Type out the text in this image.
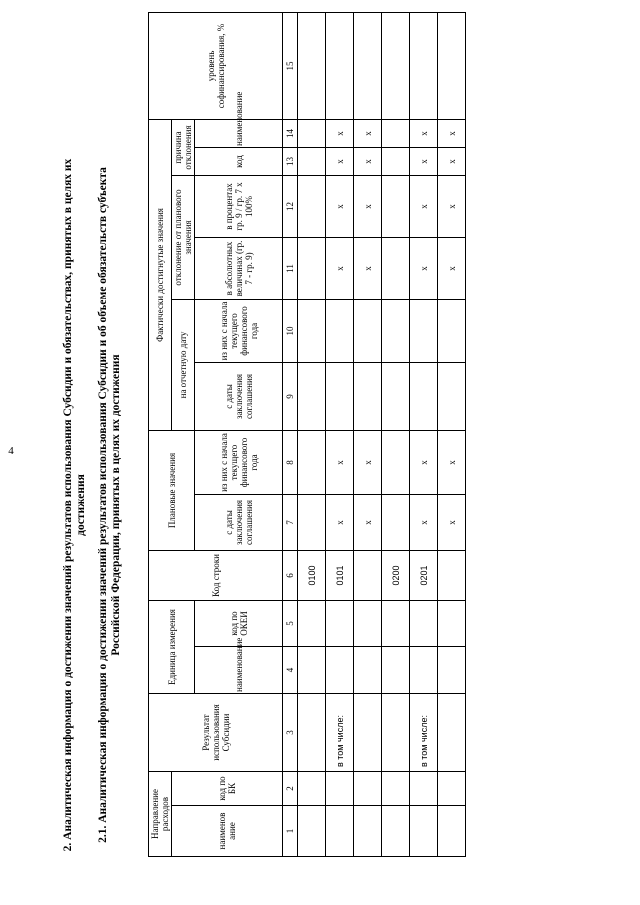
4	2. Аналитическая информация о достижении значений результатов использования Субсидии и обязательствах, принятых в целях их достижения 2.1. Аналитическая информация о достижении значений результатов использования Субсидии и об объеме обязательств субъекта Российской Федерации, принятых в целях их достижения
Направление расходов		Результат использования Субсидии	Единица измерения		Код строки	Плановые значения		Фактически достигнутые значения						уровень софинансирования, %
наименов ание	код по БК							на отчетную дату		отклонение от планового значения		причина отклонения		
			наименование	код по ОКЕИ		с даты заключения соглашения	из них с начала текущего финансового года	с даты заключения соглашения	из них с начала текущего финансового года	в абсолютных величинах (гр. 7 - гр. 9)	в процентах гр. 9 / гр. 7 x 100%	код	наименование	
1	2	3	4	5	6	7	8	9	10	11	12	13	14	15
					0100									
		в том числе:			0101	x	x			x	x	x	x	
						x	x			x	x	x	x	
					0200									
		в том числе:			0201	x	x			x	x	x	x	
						x	x			x	x	x	x	
